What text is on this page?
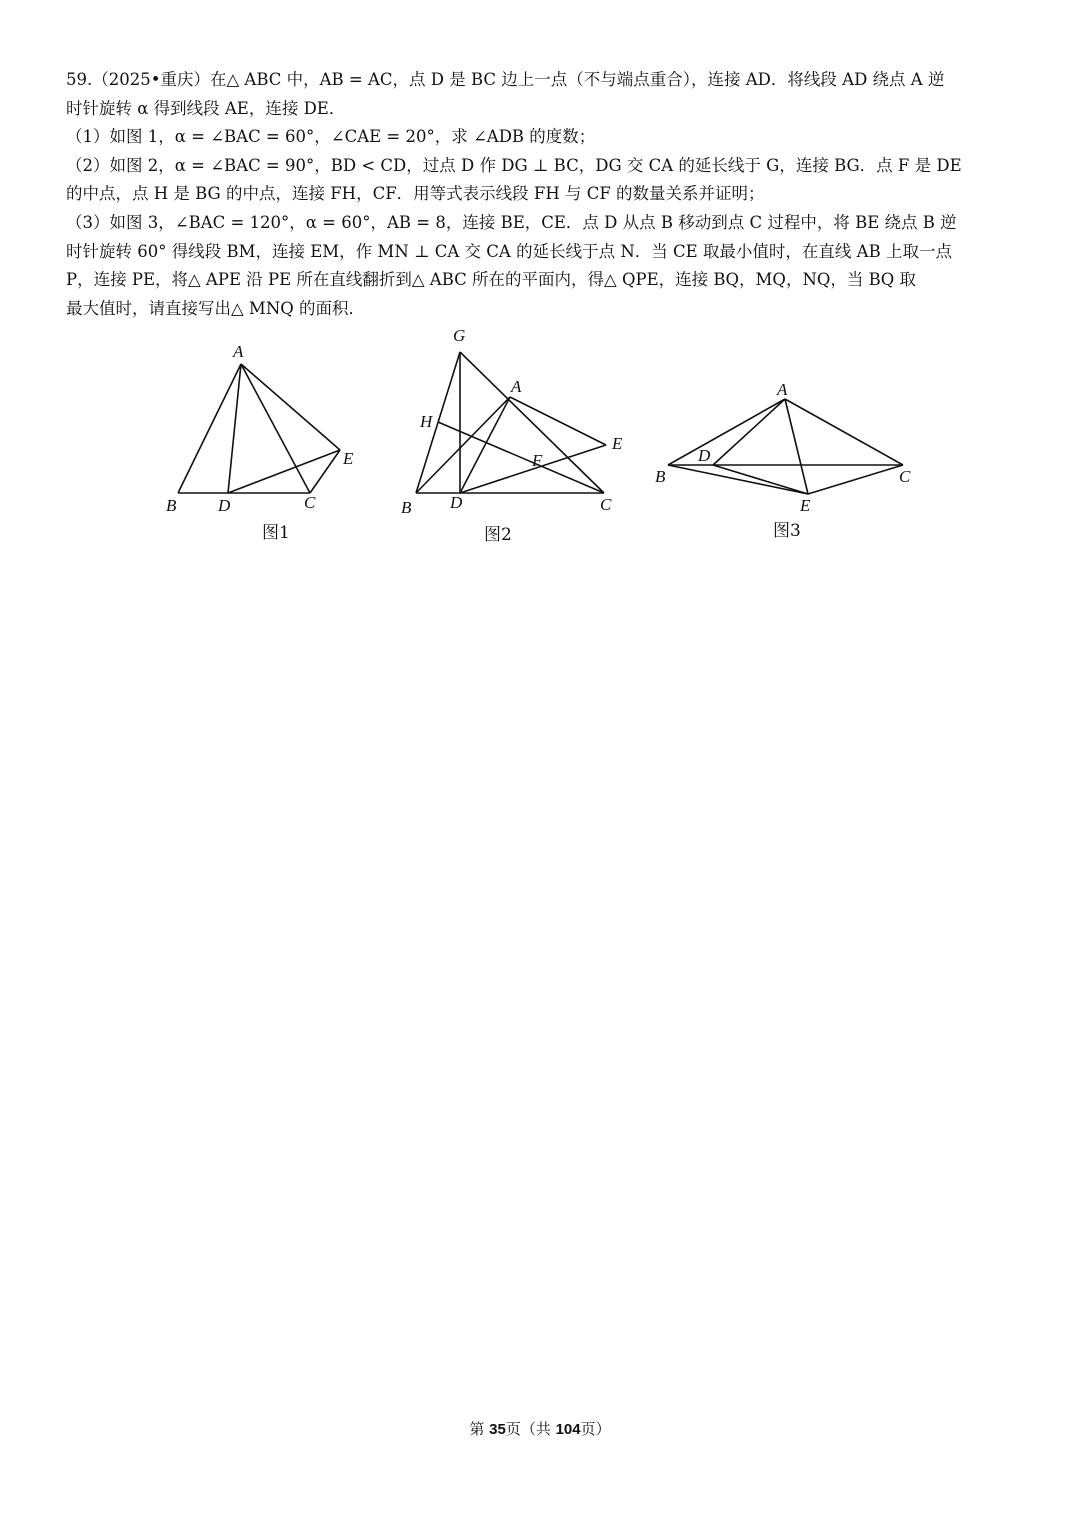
59.（2025•重庆）在△ ABC 中，AB = AC，点 D 是 BC 边上一点（不与端点重合），连接 AD．将线段 AD 绕点 A 逆

时针旋转 α 得到线段 AE，连接 DE．

（1）如图 1，α = ∠BAC = 60°，∠CAE = 20°，求 ∠ADB 的度数；

（2）如图 2，α = ∠BAC = 90°，BD < CD，过点 D 作 DG ⊥ BC，DG 交 CA 的延长线于 G，连接 BG．点 F 是 DE

的中点，点 H 是 BG 的中点，连接 FH，CF．用等式表示线段 FH 与 CF 的数量关系并证明；

（3）如图 3，∠BAC = 120°，α = 60°，AB = 8，连接 BE，CE．点 D 从点 B 移动到点 C 过程中，将 BE 绕点 B 逆

时针旋转 60° 得线段 BM，连接 EM，作 MN ⊥ CA 交 CA 的延长线于点 N．当 CE 取最小值时，在直线 AB 上取一点

P，连接 PE，将△ APE 沿 PE 所在直线翻折到△ ABC 所在的平面内，得△ QPE，连接 BQ，MQ，NQ，当 BQ 取

最大值时，请直接写出△ MNQ 的面积．

A
B D	C
E
G
A
H
E
F
B D	C
A
D
B	C
E
图1	图2	图3
第 35页（共 104页）
